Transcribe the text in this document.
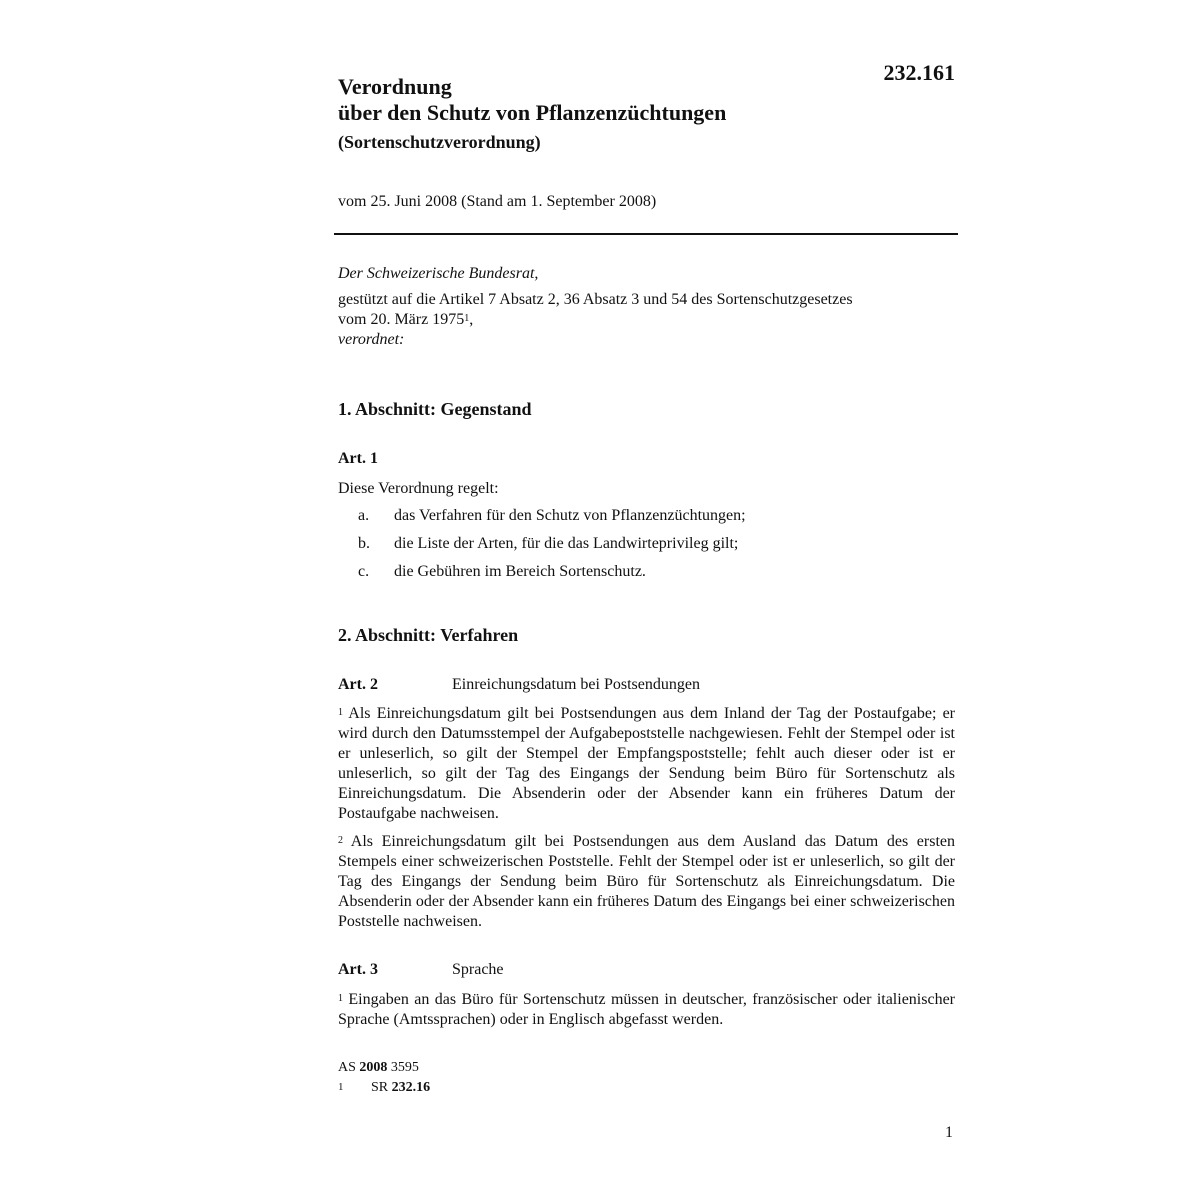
232.161
Verordnung
über den Schutz von Pflanzenzüchtungen
(Sortenschutzverordnung)
vom 25. Juni 2008 (Stand am 1. September 2008)
Der Schweizerische Bundesrat,
gestützt auf die Artikel 7 Absatz 2, 36 Absatz 3 und 54 des Sortenschutzgesetzes
vom 20. März 1975$^1$,
verordnet:
1. Abschnitt: Gegenstand
Art. 1
Diese Verordnung regelt:
a.	das Verfahren für den Schutz von Pflanzenzüchtungen;
b.	die Liste der Arten, für die das Landwirteprivileg gilt;
c.	die Gebühren im Bereich Sortenschutz.
2. Abschnitt: Verfahren
Art. 2	Einreichungsdatum bei Postsendungen
$^1$ Als Einreichungsdatum gilt bei Postsendungen aus dem Inland der Tag der Postaufgabe; er wird durch den Datumsstempel der Aufgabepoststelle nachgewiesen. Fehlt der Stempel oder ist er unleserlich, so gilt der Stempel der Empfangspoststelle; fehlt auch dieser oder ist er unleserlich, so gilt der Tag des Eingangs der Sendung beim Büro für Sortenschutz als Einreichungsdatum. Die Absenderin oder der Absender kann ein früheres Datum der Postaufgabe nachweisen.
$^2$ Als Einreichungsdatum gilt bei Postsendungen aus dem Ausland das Datum des ersten Stempels einer schweizerischen Poststelle. Fehlt der Stempel oder ist er unleserlich, so gilt der Tag des Eingangs der Sendung beim Büro für Sortenschutz als Einreichungsdatum. Die Absenderin oder der Absender kann ein früheres Datum des Eingangs bei einer schweizerischen Poststelle nachweisen.
Art. 3	Sprache
$^1$ Eingaben an das Büro für Sortenschutz müssen in deutscher, französischer oder italienischer Sprache (Amtssprachen) oder in Englisch abgefasst werden.
AS 2008 3595
1 SR 232.16
1
